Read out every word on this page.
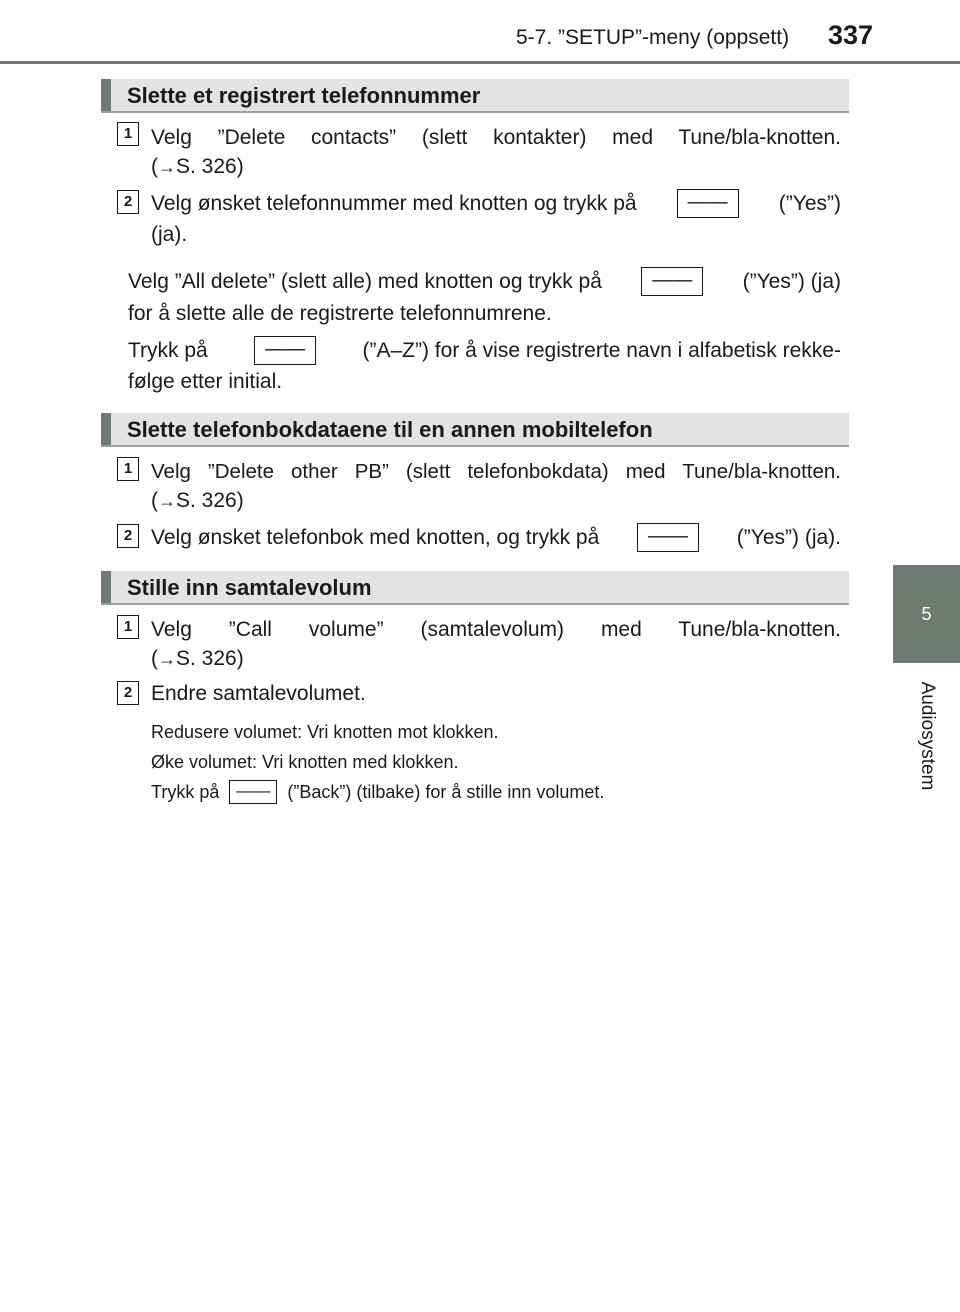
5-7. ”SETUP”-meny (oppsett) 337
5
Audiosystem
Slette et registrert telefonnummer
1 Velg ”Delete contacts” (slett kontakter) med Tune/bla-knotten.
(→S. 326)
2 Velg ønsket telefonnummer med knotten og trykk på	——	(”Yes”)
(ja).
Velg ”All delete” (slett alle) med knotten og trykk på	——	(”Yes”) (ja)
for å slette alle de registrerte telefonnumrene.
Trykk på	——	(”A–Z”) for å vise registrerte navn i alfabetisk rekke-
følge etter initial.
Slette telefonbokdataene til en annen mobiltelefon
1 Velg ”Delete other PB” (slett telefonbokdata) med Tune/bla-knotten.
(→S. 326)
2 Velg ønsket telefonbok med knotten, og trykk på	——	(”Yes”) (ja).
Stille inn samtalevolum
1 Velg ”Call volume” (samtalevolum) med Tune/bla-knotten.
(→S. 326)
2 Endre samtalevolumet.
Redusere volumet: Vri knotten mot klokken.
Øke volumet: Vri knotten med klokken.
Trykk på	—— (”Back”) (tilbake) for å stille inn volumet.
